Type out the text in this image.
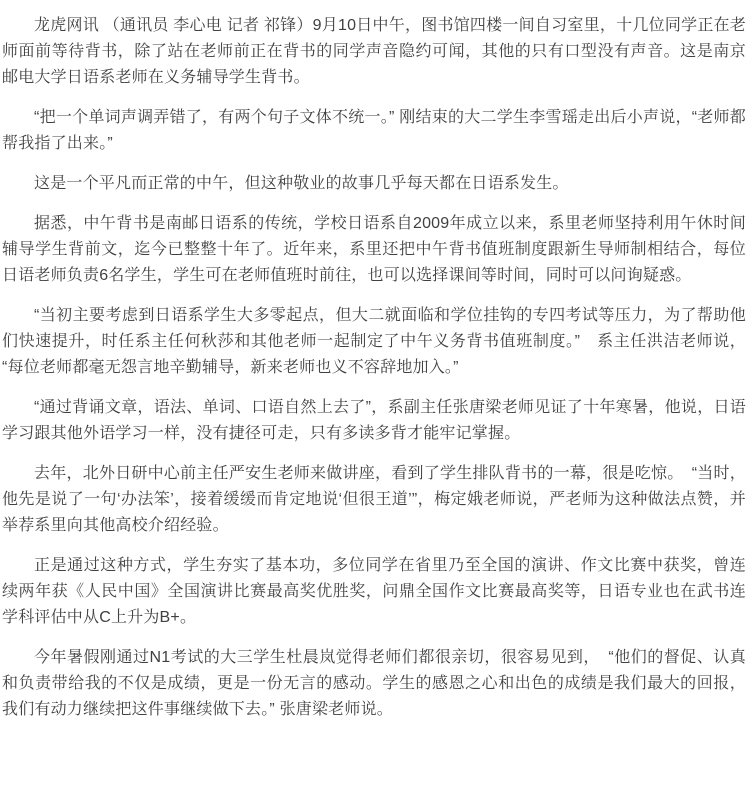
龙虎网讯 （通讯员 李心电 记者 祁锋）9月10日中午，图书馆四楼一间自习室里，十几位同学正在老师面前等待背书，除了站在老师前正在背书的同学声音隐约可闻，其他的只有口型没有声音。这是南京邮电大学日语系老师在义务辅导学生背书。

“把一个单词声调弄错了，有两个句子文体不统一。” 刚结束的大二学生李雪瑶走出后小声说，“老师都帮我指了出来。”

这是一个平凡而正常的中午，但这种敬业的故事几乎每天都在日语系发生。

据悉，中午背书是南邮日语系的传统，学校日语系自2009年成立以来，系里老师坚持利用午休时间辅导学生背前文，迄今已整整十年了。近年来，系里还把中午背书值班制度跟新生导师制相结合，每位日语老师负责6名学生，学生可在老师值班时前往，也可以选择课间等时间，同时可以问询疑惑。

“当初主要考虑到日语系学生大多零起点，但大二就面临和学位挂钩的专四考试等压力，为了帮助他们快速提升，时任系主任何秋莎和其他老师一起制定了中午义务背书值班制度。”　系主任洪洁老师说，“每位老师都毫无怨言地辛勤辅导，新来老师也义不容辞地加入。”

“通过背诵文章，语法、单词、口语自然上去了”，系副主任张唐梁老师见证了十年寒暑，他说，日语学习跟其他外语学习一样，没有捷径可走，只有多读多背才能牢记掌握。

去年，北外日研中心前主任严安生老师来做讲座，看到了学生排队背书的一幕，很是吃惊。　“当时，他先是说了一句‘办法笨’，接着缓缓而肯定地说‘但很王道’”，梅定娥老师说，严老师为这种做法点赞，并举荐系里向其他高校介绍经验。

正是通过这种方式，学生夯实了基本功，多位同学在省里乃至全国的演讲、作文比赛中获奖，曾连续两年获《人民中国》全国演讲比赛最高奖优胜奖，问鼎全国作文比赛最高奖等，日语专业也在武书连学科评估中从C上升为B+。

今年暑假刚通过N1考试的大三学生杜晨岚觉得老师们都很亲切，很容易见到，　“他们的督促、认真和负责带给我的不仅是成绩，更是一份无言的感动。学生的感恩之心和出色的成绩是我们最大的回报，我们有动力继续把这件事继续做下去。” 张唐梁老师说。
